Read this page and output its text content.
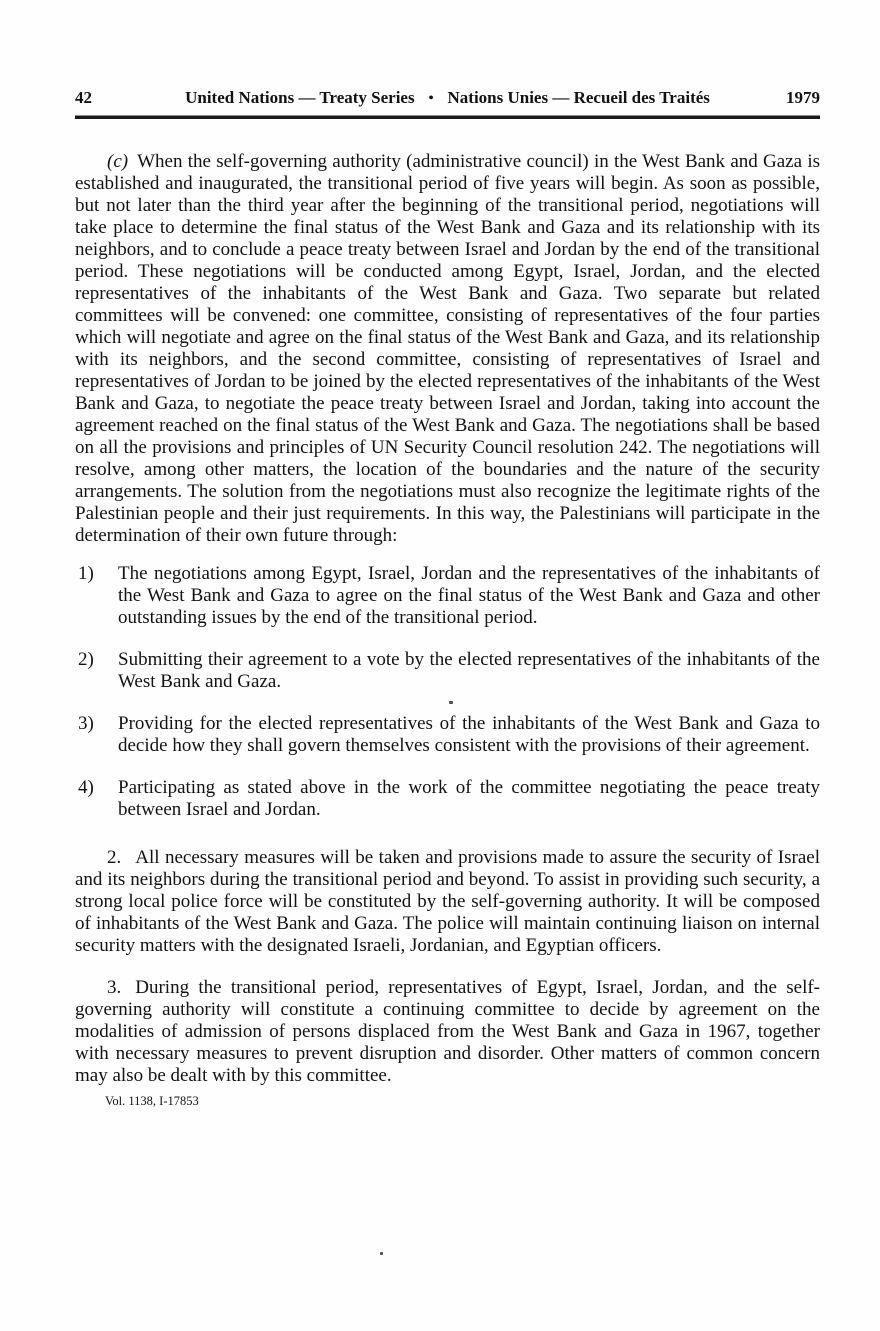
42	United Nations — Treaty Series • Nations Unies — Recueil des Traités	1979

(c) When the self-governing authority (administrative council) in the West Bank and Gaza is established and inaugurated, the transitional period of five years will begin. As soon as possible, but not later than the third year after the beginning of the transitional period, negotiations will take place to determine the final status of the West Bank and Gaza and its relationship with its neighbors, and to conclude a peace treaty between Israel and Jordan by the end of the transitional period. These negotiations will be conducted among Egypt, Israel, Jordan, and the elected representatives of the inhabitants of the West Bank and Gaza. Two separate but related committees will be convened: one committee, consisting of representatives of the four parties which will negotiate and agree on the final status of the West Bank and Gaza, and its relationship with its neighbors, and the second committee, consisting of representatives of Israel and representatives of Jordan to be joined by the elected representatives of the inhabitants of the West Bank and Gaza, to negotiate the peace treaty between Israel and Jordan, taking into account the agreement reached on the final status of the West Bank and Gaza. The negotiations shall be based on all the provisions and principles of UN Security Council resolution 242. The negotiations will resolve, among other matters, the location of the boundaries and the nature of the security arrangements. The solution from the negotiations must also recognize the legitimate rights of the Palestinian people and their just requirements. In this way, the Palestinians will participate in the determination of their own future through:

1) The negotiations among Egypt, Israel, Jordan and the representatives of the inhabitants of the West Bank and Gaza to agree on the final status of the West Bank and Gaza and other outstanding issues by the end of the transitional period.

2) Submitting their agreement to a vote by the elected representatives of the inhabitants of the West Bank and Gaza.

3) Providing for the elected representatives of the inhabitants of the West Bank and Gaza to decide how they shall govern themselves consistent with the provisions of their agreement.

4) Participating as stated above in the work of the committee negotiating the peace treaty between Israel and Jordan.

2. All necessary measures will be taken and provisions made to assure the security of Israel and its neighbors during the transitional period and beyond. To assist in providing such security, a strong local police force will be constituted by the self-governing authority. It will be composed of inhabitants of the West Bank and Gaza. The police will maintain continuing liaison on internal security matters with the designated Israeli, Jordanian, and Egyptian officers.

3. During the transitional period, representatives of Egypt, Israel, Jordan, and the self-governing authority will constitute a continuing committee to decide by agreement on the modalities of admission of persons displaced from the West Bank and Gaza in 1967, together with necessary measures to prevent disruption and disorder. Other matters of common concern may also be dealt with by this committee.

Vol. 1138, I-17853
